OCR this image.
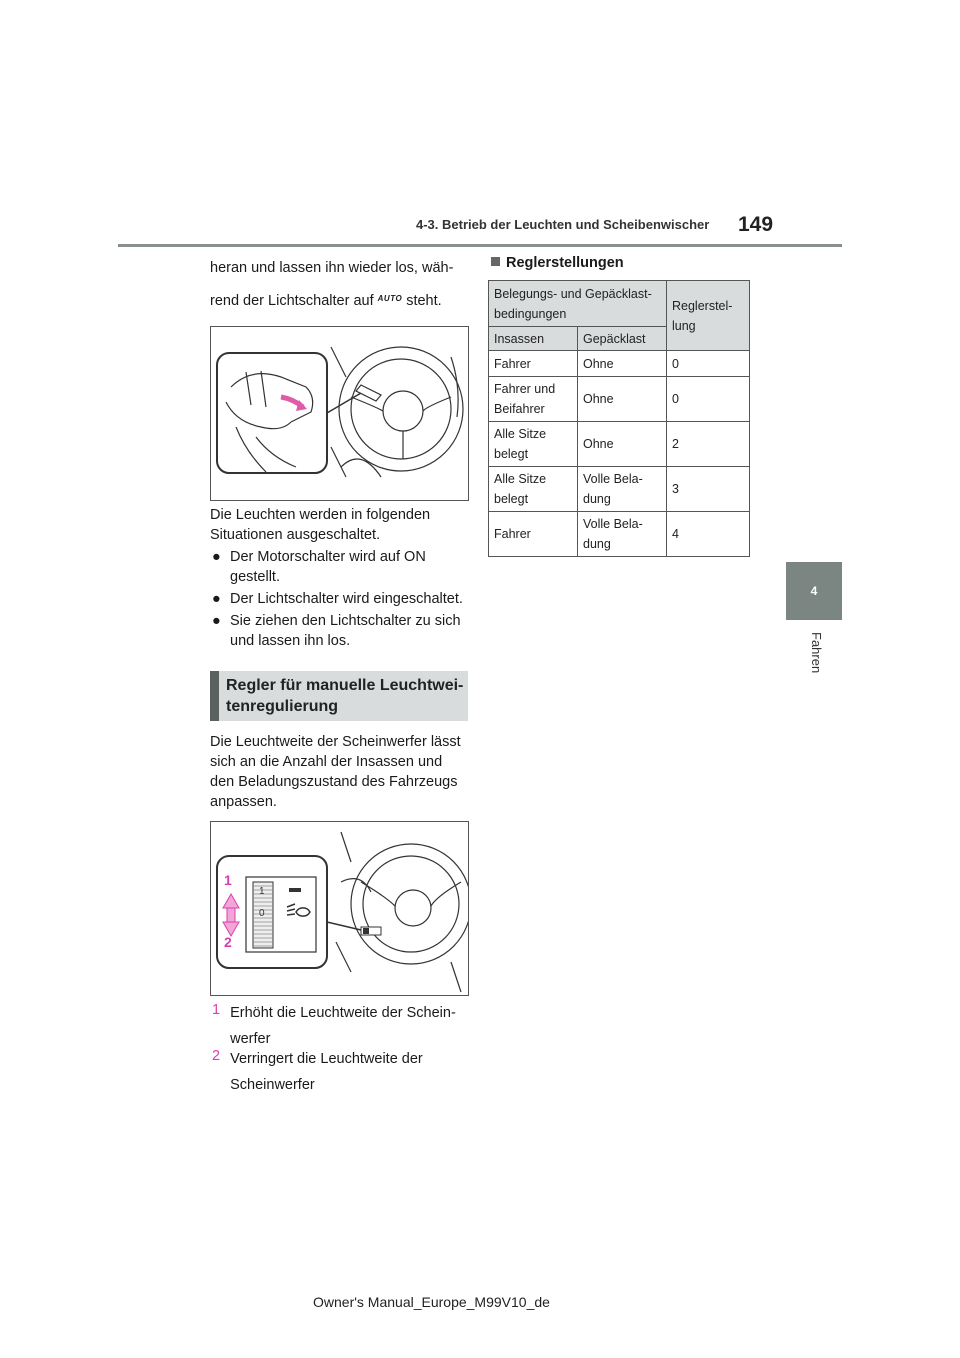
4-3. Betrieb der Leuchten und Scheibenwischer 149
4
Fahren
heran und lassen ihn wieder los, wäh-
rend der Lichtschalter auf $^{AUTO}$ steht.
Die Leuchten werden in folgenden Situationen ausgeschaltet.
● Der Motorschalter wird auf ON gestellt.
● Der Lichtschalter wird eingeschaltet.
● Sie ziehen den Lichtschalter zu sich und lassen ihn los.
Regler für manuelle Leuchtwei-tenregulierung
Die Leuchtweite der Scheinwerfer lässt sich an die Anzahl der Insassen und den Beladungszustand des Fahrzeugs anpassen.
1
2
1
0
1 Erhöht die Leuchtweite der Schein-werfer
2 Verringert die Leuchtweite der Scheinwerfer
Reglerstellungen
Belegungs- und Gepäcklast-bedingungen		Reglerstel-lung
Insassen	Gepäcklast	
Fahrer	Ohne	0
Fahrer und Beifahrer	Ohne	0
Alle Sitze belegt	Ohne	2
Alle Sitze belegt	Volle Bela-dung	3
Fahrer	Volle Bela-dung	4
Owner's Manual_Europe_M99V10_de
